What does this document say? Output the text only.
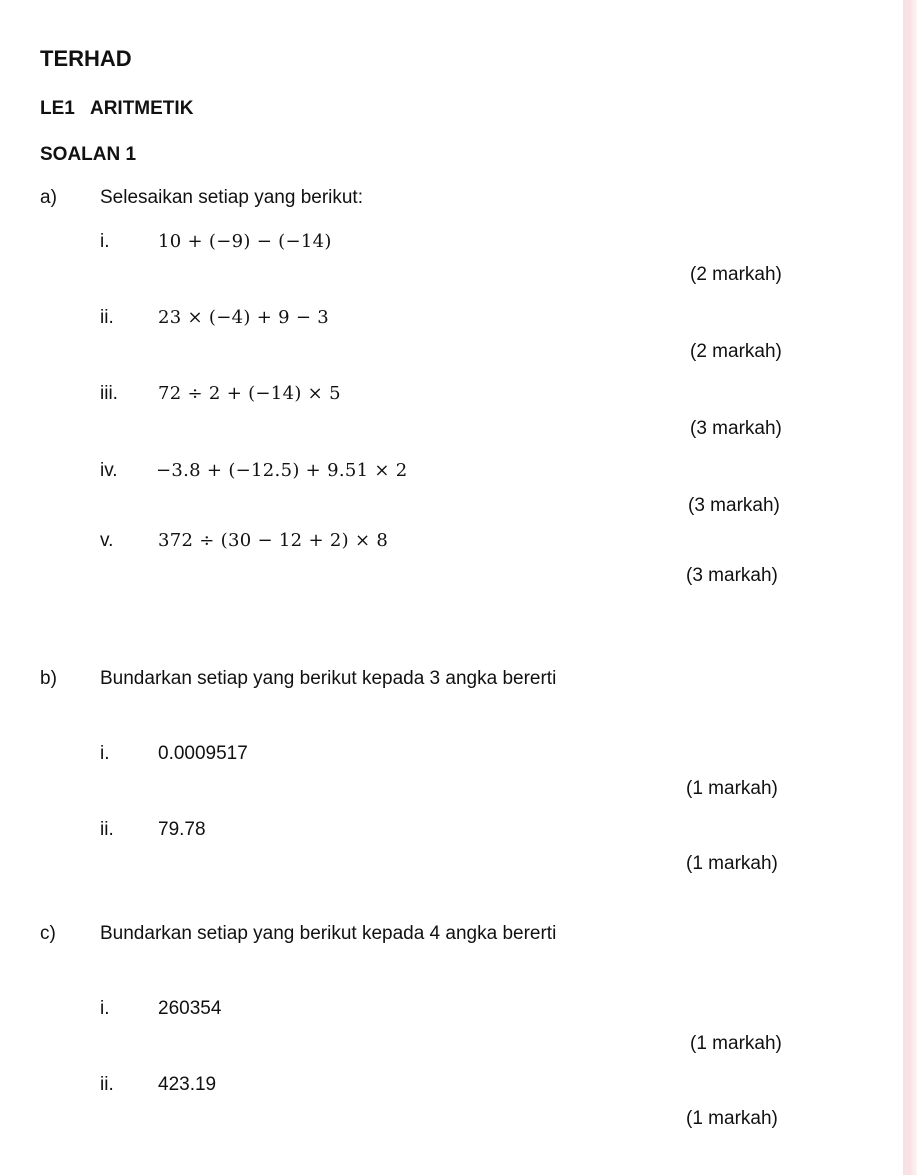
TERHAD
LE1   ARITMETIK
SOALAN 1
a) Selesaikan setiap yang berikut:
i.	10 + (−9) − (−14)
(2 markah)
ii. 23 × (−4) + 9 − 3
(2 markah)
iii. 72 ÷ 2 + (−14) × 5
(3 markah)
iv. −3.8 + (−12.5) + 9.51 × 2
(3 markah)
v. 372 ÷ (30 − 12 + 2) × 8
(3 markah)
b) Bundarkan setiap yang berikut kepada 3 angka bererti
i.	0.0009517
(1 markah)
ii. 79.78
(1 markah)
c) Bundarkan setiap yang berikut kepada 4 angka bererti
i.	260354
(1 markah)
ii. 423.19
(1 markah)
